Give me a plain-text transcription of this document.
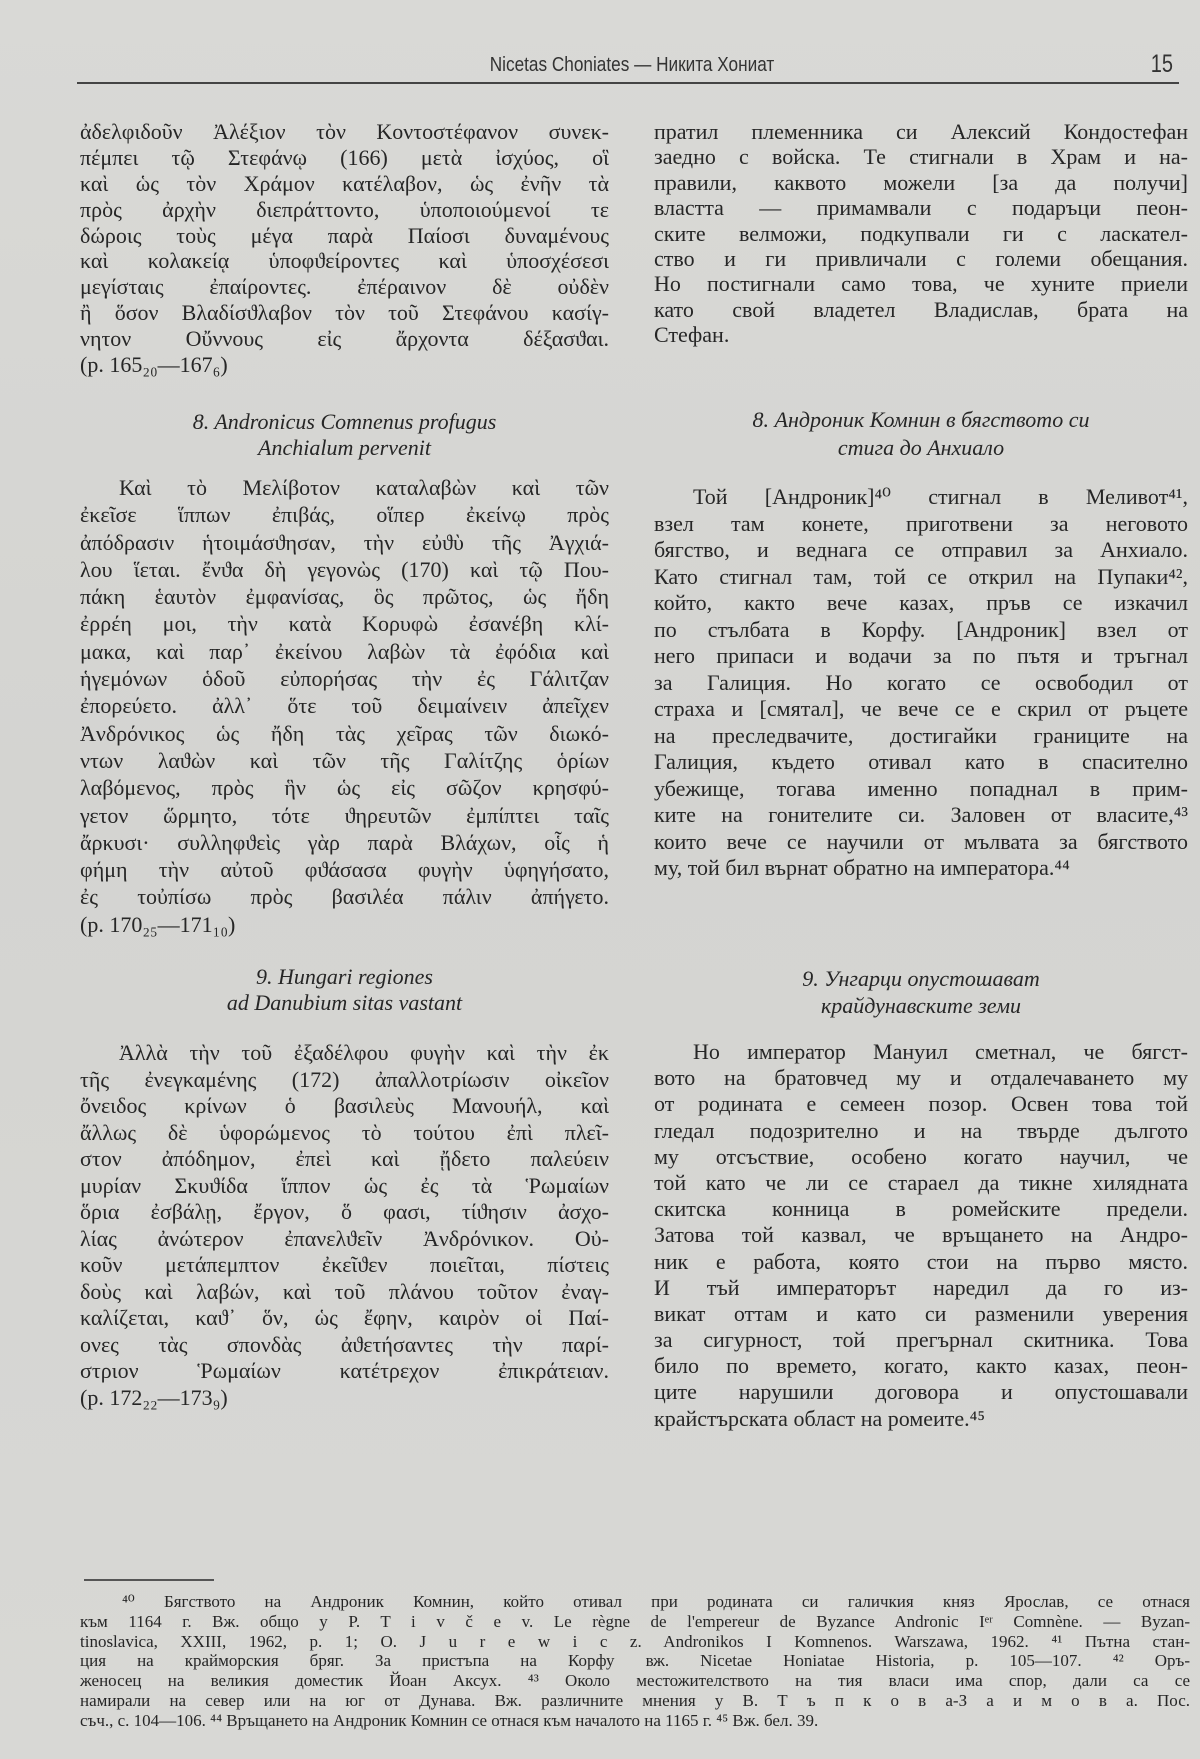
Nicetas Choniates — Никита Хониат	15
ἀδελφιδοῦν Ἀλέξιον τὸν Κοντοστέφανον συνεκ-
πέμπει τῷ Στεφάνῳ (166) μετὰ ἰσχύος, οἳ
καὶ ὡς τὸν Χράμον κατέλαβον, ὡς ἐνῆν τὰ
πρὸς ἀρχὴν διεπράττοντο, ὑποποιούμενοί τε
δώροις τοὺς μέγα παρὰ Παίοσι δυναμένους
καὶ κολακείᾳ ὑποφϑείροντες καὶ ὑποσχέσεσι
μεγίσταις ἐπαίροντες. ἐπέραινον δὲ οὐδὲν
ἢ ὅσον Βλαδίσϑλαβον τὸν τοῦ Στεφάνου κασίγ-
νητον Οὔννους εἰς ἄρχοντα δέξασϑαι.
(p. 165₂₀—167₆)
8. Andronicus Comnenus profugus
Anchialum pervenit
Καὶ τὸ Μελίβοτον καταλαβὼν καὶ τῶν
ἐκεῖσε ἵππων ἐπιβάς, οἵπερ ἐκείνῳ πρὸς
ἀπόδρασιν ἡτοιμάσϑησαν, τὴν εὐϑὺ τῆς Ἀγχιά-
λου ἵεται. ἔνϑα δὴ γεγονὼς (170) καὶ τῷ Που-
πάκη ἑαυτὸν ἐμφανίσας, ὃς πρῶτος, ὡς ἤδη
ἐρρέη μοι, τὴν κατὰ Κορυφὼ ἐσανέβη κλί-
μακα, καὶ παρ᾽ ἐκείνου λαβὼν τὰ ἐφόδια καὶ
ἡγεμόνων ὁδοῦ εὐπορήσας τὴν ἐς Γάλιτζαν
ἐπορεύετο. ἀλλ᾽ ὅτε τοῦ δειμαίνειν ἀπεῖχεν
Ἀνδρόνικος ὡς ἤδη τὰς χεῖρας τῶν διωκό-
ντων λαϑὼν καὶ τῶν τῆς Γαλίτζης ὁρίων
λαβόμενος, πρὸς ἣν ὡς εἰς σῶζον κρησφύ-
γετον ὥρμητο, τότε ϑηρευτῶν ἐμπίπτει ταῖς
ἄρκυσι· συλληφϑεὶς γὰρ παρὰ Βλάχων, οἷς ἡ
φήμη τὴν αὐτοῦ φϑάσασα φυγὴν ὑφηγήσατο,
ἐς τοὐπίσω πρὸς βασιλέα πάλιν ἀπήγετο.
(p. 170₂₅—171₁₀)
9. Hungari regiones
ad Danubium sitas vastant
Ἀλλὰ τὴν τοῦ ἐξαδέλφου φυγὴν καὶ τὴν ἐκ
τῆς ἐνεγκαμένης (172) ἀπαλλοτρίωσιν οἰκεῖον
ὄνειδος κρίνων ὁ βασιλεὺς Μανουήλ, καὶ
ἄλλως δὲ ὑφορώμενος τὸ τούτου ἐπὶ πλεῖ-
στον ἀπόδημον, ἐπεὶ καὶ ᾔδετο παλεύειν
μυρίαν Σκυϑίδα ἵππον ὡς ἐς τὰ Ῥωμαίων
ὅρια ἐσβάλῃ, ἔργον, ὅ φασι, τίϑησιν ἀσχο-
λίας ἀνώτερον ἐπανελϑεῖν Ἀνδρόνικον. Οὐ-
κοῦν μετάπεμπτον ἐκεῖϑεν ποιεῖται, πίστεις
δοὺς καὶ λαβών, καὶ τοῦ πλάνου τοῦτον ἐναγ-
καλίζεται, καϑ᾽ ὅν, ὡς ἔφην, καιρὸν οἱ Παί-
ονες τὰς σπονδὰς ἀϑετήσαντες τὴν παρί-
στριον Ῥωμαίων κατέτρεχον ἐπικράτειαν.
(p. 172₂₂—173₉)
пратил племенника си Алексий Кондостефан
заедно с войска. Те стигнали в Храм и на-
правили, каквото можели [за да получи]
властта — примамвали с подаръци пеон-
ските велможи, подкупвали ги с ласкател-
ство и ги привличали с големи обещания.
Но постигнали само това, че хуните приели
като свой владетел Владислав, брата на
Стефан.
8. Андроник Комнин в бягството си
стига до Анхиало
Той [Андроник]⁴⁰ стигнал в Меливот⁴¹,
взел там конете, приготвени за неговото
бягство, и веднага се отправил за Анхиало.
Като стигнал там, той се открил на Пупаки⁴²,
който, както вече казах, пръв се изкачил
по стълбата в Корфу. [Андроник] взел от
него припаси и водачи за по пътя и тръгнал
за Галиция. Но когато се освободил от
страха и [смятал], че вече се е скрил от ръцете
на преследвачите, достигайки границите на
Галиция, където отивал като в спасително
убежище, тогава именно попаднал в прим-
ките на гонителите си. Заловен от власите,⁴³
които вече се научили от мълвата за бягството
му, той бил върнат обратно на императора.⁴⁴
9. Унгарци опустошават
крайдунавските земи
Но император Мануил сметнал, че бягст-
вото на братовчед му и отдалечаването му
от родината е семеен позор. Освен това той
гледал подозрително и на твърде дългото
му отсъствие, особено когато научил, че
той като че ли се стараел да тикне хилядната
скитска конница в ромейските предели.
Затова той казвал, че връщането на Андро-
ник е работа, която стои на първо място.
И тъй императорът наредил да го из-
викат оттам и като си разменили уверения
за сигурност, той прегърнал скитника. Това
било по времето, когато, както казах, пеон-
ците нарушили договора и опустошавали
крайстърската област на ромеите.⁴⁵
⁴⁰ Бягството на Андроник Комнин, който отивал при родината си галичкия княз Ярослав, се отнася
към 1164 г. Вж. общо у P. T i v č e v. Le règne de l'empereur de Byzance Andronic Iᵉʳ Comnène. — Byzan-
tinoslavica, XXIII, 1962, p. 1; O. J u r e w i c z. Andronikos I Komnenos. Warszawa, 1962. ⁴¹ Пътна стан-
ция на крайморския бряг. За пристъпа на Корфу вж. Nicetae Honiatae Historia, p. 105—107. ⁴² Оръ-
женосец на великия доместик Йоан Аксух. ⁴³ Около местожителството на тия власи има спор, дали са се
намирали на север или на юг от Дунава. Вж. различните мнения у В. Т ъ п к о в а-З а и м о в а. Пос.
съч., с. 104—106. ⁴⁴ Връщането на Андроник Комнин се отнася към началото на 1165 г. ⁴⁵ Вж. бел. 39.
